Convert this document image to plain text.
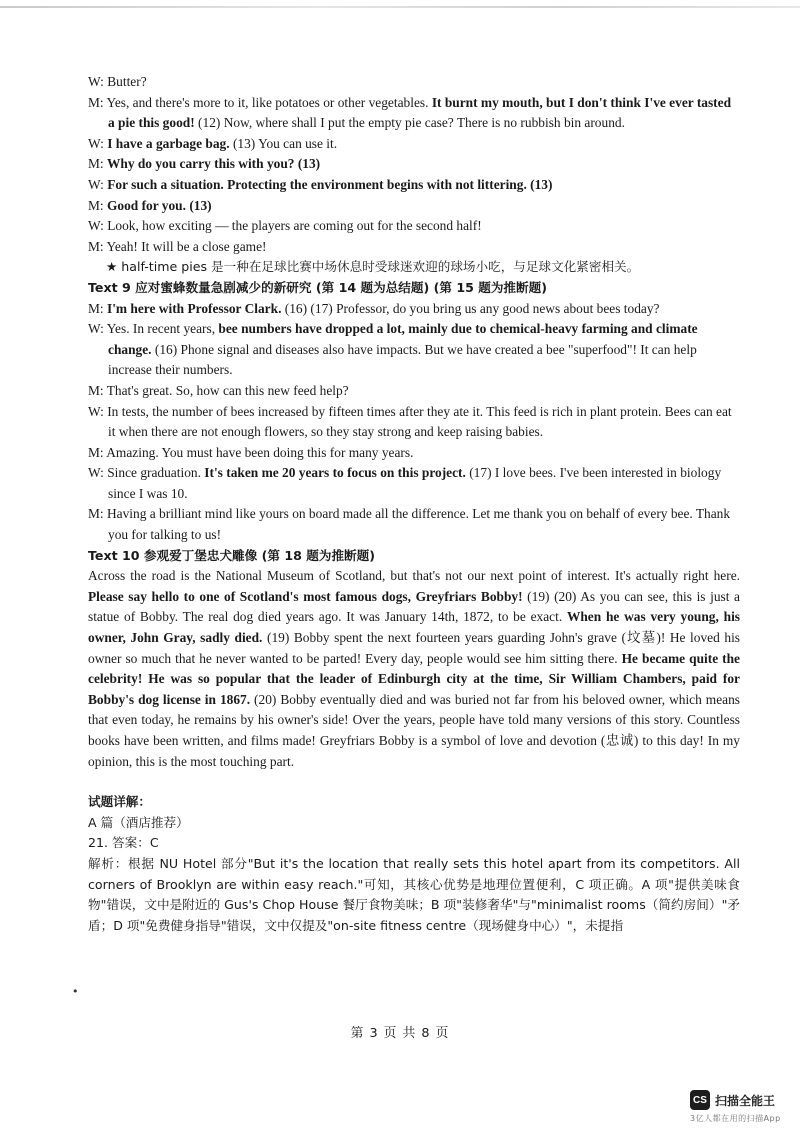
W: Butter?
M: Yes, and there's more to it, like potatoes or other vegetables. It burnt my mouth, but I don't think I've ever tasted a pie this good! (12) Now, where shall I put the empty pie case? There is no rubbish bin around.
W: I have a garbage bag. (13) You can use it.
M: Why do you carry this with you? (13)
W: For such a situation. Protecting the environment begins with not littering. (13)
M: Good for you. (13)
W: Look, how exciting — the players are coming out for the second half!
M: Yeah! It will be a close game!
★ half-time pies 是一种在足球比赛中场休息时受球迷欢迎的球场小吃，与足球文化紧密相关。
Text 9 应对蜜蜂数量急剧减少的新研究 (第 14 题为总结题) (第 15 题为推断题)
M: I'm here with Professor Clark. (16) (17) Professor, do you bring us any good news about bees today?
W: Yes. In recent years, bee numbers have dropped a lot, mainly due to chemical-heavy farming and climate change. (16) Phone signal and diseases also have impacts. But we have created a bee "superfood"! It can help increase their numbers.
M: That's great. So, how can this new feed help?
W: In tests, the number of bees increased by fifteen times after they ate it. This feed is rich in plant protein. Bees can eat it when there are not enough flowers, so they stay strong and keep raising babies.
M: Amazing. You must have been doing this for many years.
W: Since graduation. It's taken me 20 years to focus on this project. (17) I love bees. I've been interested in biology since I was 10.
M: Having a brilliant mind like yours on board made all the difference. Let me thank you on behalf of every bee. Thank you for talking to us!
Text 10 参观爱丁堡忠犬雕像 (第 18 题为推断题)
Across the road is the National Museum of Scotland, but that's not our next point of interest. It's actually right here. Please say hello to one of Scotland's most famous dogs, Greyfriars Bobby! (19) (20) As you can see, this is just a statue of Bobby. The real dog died years ago. It was January 14th, 1872, to be exact. When he was very young, his owner, John Gray, sadly died. (19) Bobby spent the next fourteen years guarding John's grave (坟墓)! He loved his owner so much that he never wanted to be parted! Every day, people would see him sitting there. He became quite the celebrity! He was so popular that the leader of Edinburgh city at the time, Sir William Chambers, paid for Bobby's dog license in 1867. (20) Bobby eventually died and was buried not far from his beloved owner, which means that even today, he remains by his owner's side! Over the years, people have told many versions of this story. Countless books have been written, and films made! Greyfriars Bobby is a symbol of love and devotion (忠诚) to this day! In my opinion, this is the most touching part.
试题详解：
A 篇（酒店推荐）
21. 答案：C
解析：根据 NU Hotel 部分"But it's the location that really sets this hotel apart from its competitors. All corners of Brooklyn are within easy reach."可知，其核心优势是地理位置便利，C 项正确。A 项"提供美味食物"错误，文中是附近的 Gus's Chop House 餐厅食物美味；B 项"装修奢华"与"minimalist rooms（简约房间）"矛盾；D 项"免费健身指导"错误，文中仅提及"on-site fitness centre（现场健身中心）"，未提指
•
第 3 页 共 8 页
CS 扫描全能王
3亿人都在用的扫描App
